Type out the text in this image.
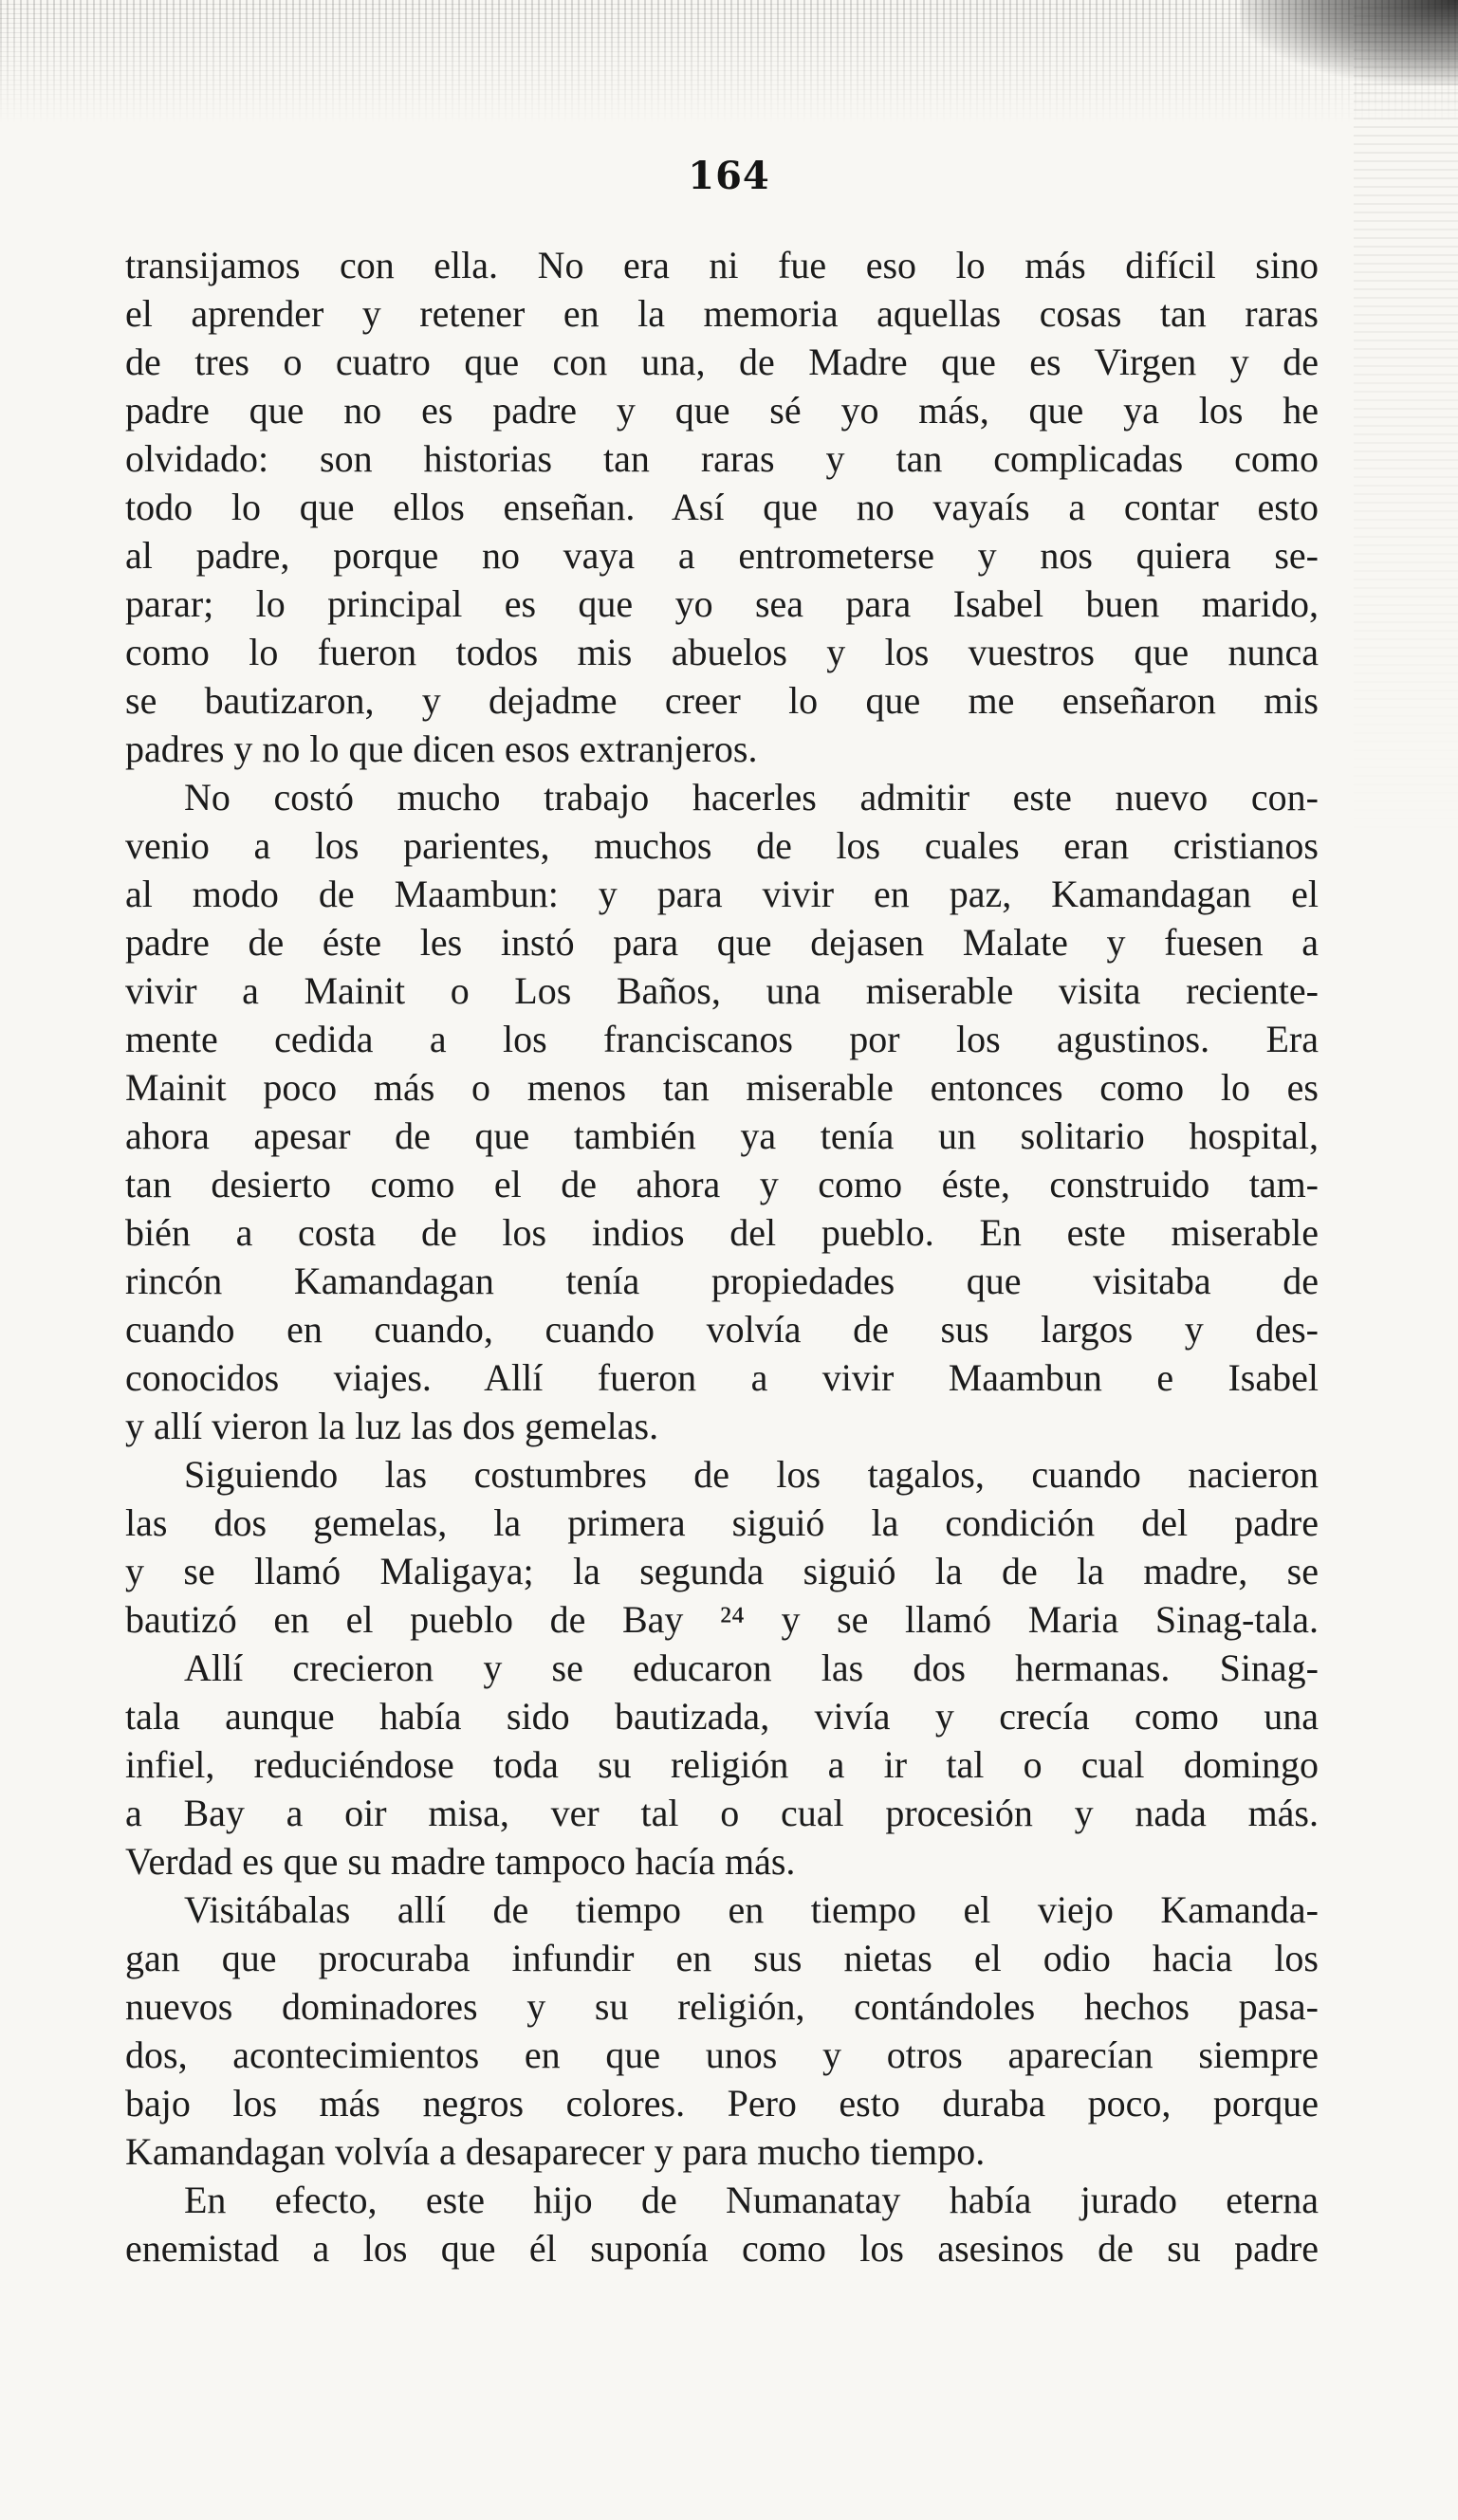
164
transijamos con ella. No era ni fue eso lo más difícil sino
el aprender y retener en la memoria aquellas cosas tan raras
de tres o cuatro que con una, de Madre que es Virgen y de
padre que no es padre y que sé yo más, que ya los he
olvidado: son historias tan raras y tan complicadas como
todo lo que ellos enseñan. Así que no vayaís a contar esto
al padre, porque no vaya a entrometerse y nos quiera se-
parar; lo principal es que yo sea para Isabel buen marido,
como lo fueron todos mis abuelos y los vuestros que nunca
se bautizaron, y dejadme creer lo que me enseñaron mis
padres y no lo que dicen esos extranjeros.
No costó mucho trabajo hacerles admitir este nuevo con-
venio a los parientes, muchos de los cuales eran cristianos
al modo de Maambun: y para vivir en paz, Kamandagan el
padre de éste les instó para que dejasen Malate y fuesen a
vivir a Mainit o Los Baños, una miserable visita reciente-
mente cedida a los franciscanos por los agustinos. Era
Mainit poco más o menos tan miserable entonces como lo es
ahora apesar de que también ya tenía un solitario hospital,
tan desierto como el de ahora y como éste, construido tam-
bién a costa de los indios del pueblo. En este miserable
rincón Kamandagan tenía propiedades que visitaba de
cuando en cuando, cuando volvía de sus largos y des-
conocidos viajes. Allí fueron a vivir Maambun e Isabel
y allí vieron la luz las dos gemelas.
Siguiendo las costumbres de los tagalos, cuando nacieron
las dos gemelas, la primera siguió la condición del padre
y se llamó Maligaya; la segunda siguió la de la madre, se
bautizó en el pueblo de Bay ²⁴ y se llamó Maria Sinag-tala.
Allí crecieron y se educaron las dos hermanas. Sinag-
tala aunque había sido bautizada, vivía y crecía como una
infiel, reduciéndose toda su religión a ir tal o cual domingo
a Bay a oir misa, ver tal o cual procesión y nada más.
Verdad es que su madre tampoco hacía más.
Visitábalas allí de tiempo en tiempo el viejo Kamanda-
gan que procuraba infundir en sus nietas el odio hacia los
nuevos dominadores y su religión, contándoles hechos pasa-
dos, acontecimientos en que unos y otros aparecían siempre
bajo los más negros colores. Pero esto duraba poco, porque
Kamandagan volvía a desaparecer y para mucho tiempo.
En efecto, este hijo de Numanatay había jurado eterna
enemistad a los que él suponía como los asesinos de su padre
